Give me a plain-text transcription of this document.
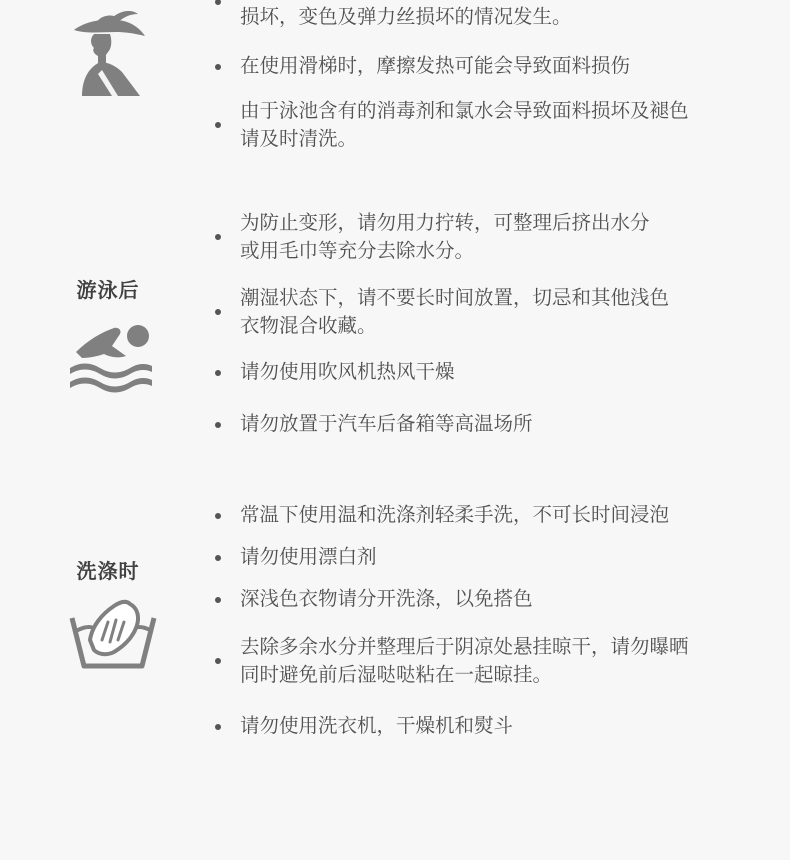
损坏，变色及弹力丝损坏的情况发生。
在使用滑梯时，摩擦发热可能会导致面料损伤
由于泳池含有的消毒剂和氯水会导致面料损坏及褪色
请及时清洗。
游泳后
为防止变形，请勿用力拧转，可整理后挤出水分
或用毛巾等充分去除水分。
潮湿状态下，请不要长时间放置，切忌和其他浅色
衣物混合收藏。
请勿使用吹风机热风干燥
请勿放置于汽车后备箱等高温场所
洗涤时
常温下使用温和洗涤剂轻柔手洗，不可长时间浸泡
请勿使用漂白剂
深浅色衣物请分开洗涤，以免搭色
去除多余水分并整理后于阴凉处悬挂晾干，请勿曝晒
同时避免前后湿哒哒粘在一起晾挂。
请勿使用洗衣机，干燥机和熨斗
